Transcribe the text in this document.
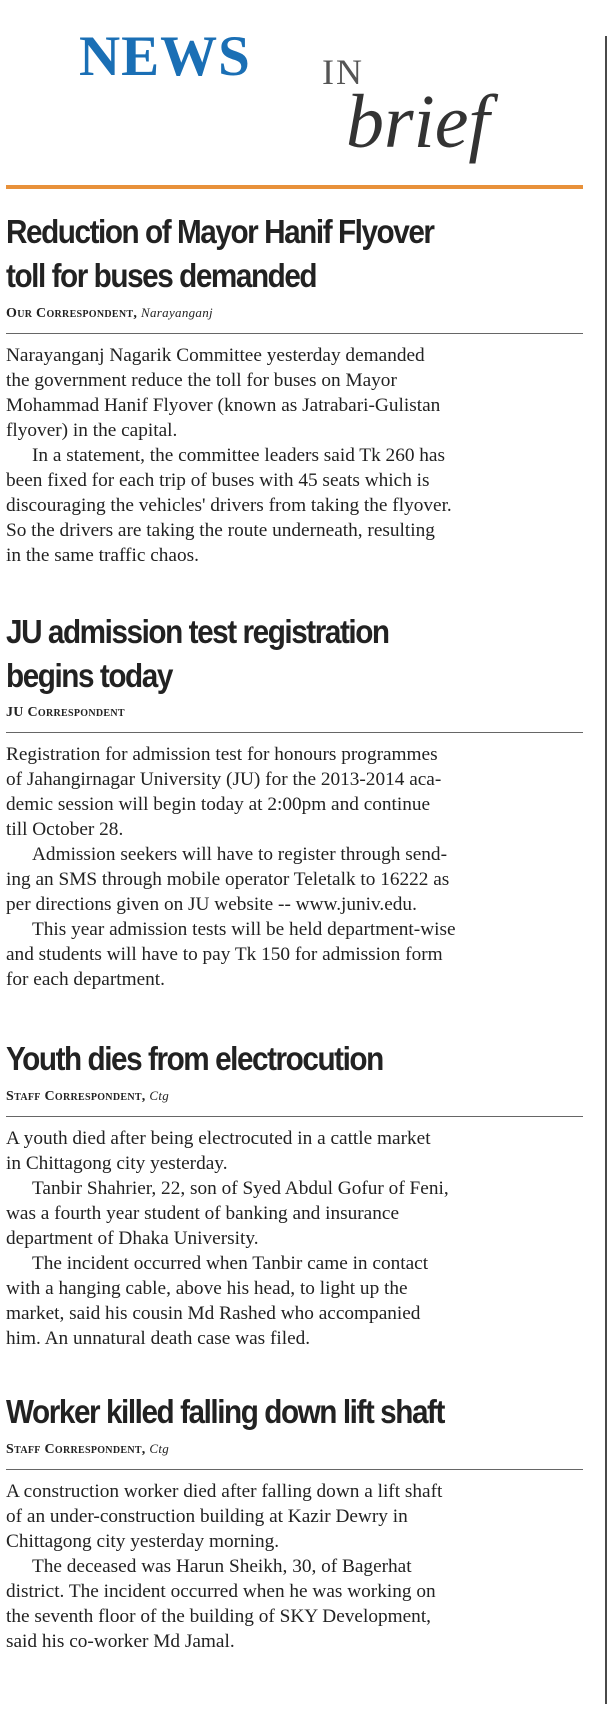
NEWS IN
brief
Reduction of Mayor Hanif Flyover
toll for buses demanded

Our Correspondent, Narayanganj

Narayanganj Nagarik Committee yesterday demanded
the government reduce the toll for buses on Mayor
Mohammad Hanif Flyover (known as Jatrabari-Gulistan
flyover) in the capital.

In a statement, the committee leaders said Tk 260 has
been fixed for each trip of buses with 45 seats which is
discouraging the vehicles' drivers from taking the flyover.
So the drivers are taking the route underneath, resulting
in the same traffic chaos.

JU admission test registration
begins today

JU Correspondent

Registration for admission test for honours programmes
of Jahangirnagar University (JU) for the 2013-2014 aca-
demic session will begin today at 2:00pm and continue
till October 28.

Admission seekers will have to register through send-
ing an SMS through mobile operator Teletalk to 16222 as
per directions given on JU website -- www.juniv.edu.

This year admission tests will be held department-wise
and students will have to pay Tk 150 for admission form
for each department.

Youth dies from electrocution

Staff Correspondent, Ctg

A youth died after being electrocuted in a cattle market
in Chittagong city yesterday.

Tanbir Shahrier, 22, son of Syed Abdul Gofur of Feni,
was a fourth year student of banking and insurance
department of Dhaka University.

The incident occurred when Tanbir came in contact
with a hanging cable, above his head, to light up the
market, said his cousin Md Rashed who accompanied
him. An unnatural death case was filed.

Worker killed falling down lift shaft

Staff Correspondent, Ctg

A construction worker died after falling down a lift shaft
of an under-construction building at Kazir Dewry in
Chittagong city yesterday morning.

The deceased was Harun Sheikh, 30, of Bagerhat
district. The incident occurred when he was working on
the seventh floor of the building of SKY Development,
said his co-worker Md Jamal.
